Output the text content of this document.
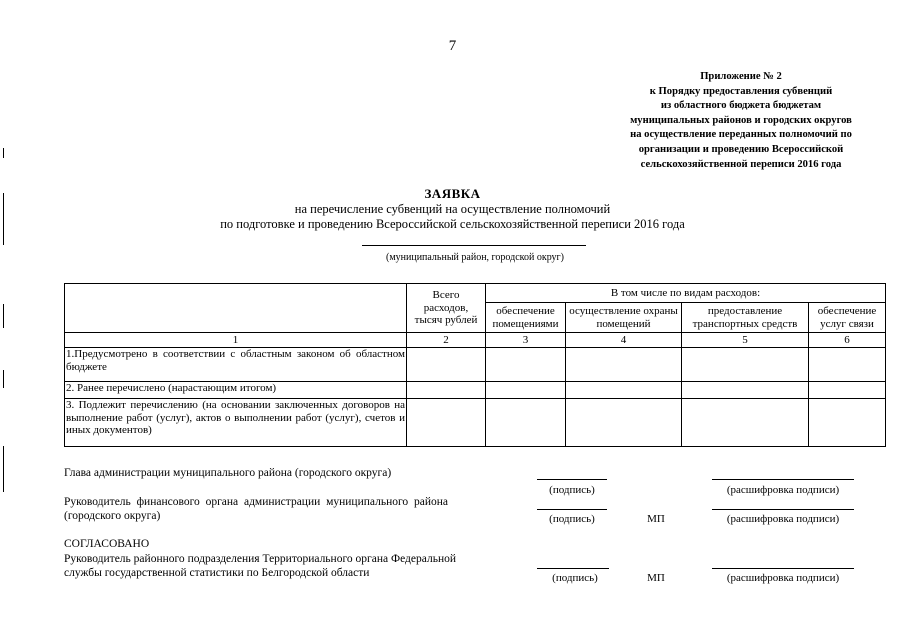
7
Приложение № 2
к Порядку предоставления субвенций
из областного бюджета бюджетам
муниципальных районов и городских округов
на осуществление переданных полномочий по
организации и проведению Всероссийской
сельскохозяйственной переписи 2016 года
ЗАЯВКА
на перечисление субвенций на осуществление полномочий
по подготовке и проведению Всероссийской сельскохозяйственной переписи 2016 года
(муниципальный район, городской округ)
	Всего расходов, тысяч рублей	В том числе по видам расходов:			
		обеспечение помещениями	осуществление охраны помещений	предоставление транспортных средств	обеспечение услуг связи
1	2	3	4	5	6
1.Предусмотрено в соответствии с областным законом об областном бюджете					
2. Ранее перечислено (нарастающим итогом)					
3. Подлежит перечислению (на основании заключенных договоров на выполнение работ (услуг), актов о выполнении работ (услуг), счетов и иных документов)					
Глава администрации муниципального района (городского округа)
(подпись)	(расшифровка подписи)
Руководитель финансового органа администрации муниципального района (городского округа)	(подпись)	МП	(расшифровка подписи)
СОГЛАСОВАНО
Руководитель районного подразделения Территориального органа Федеральной службы государственной статистики по Белгородской области	(подпись)	МП	(расшифровка подписи)
